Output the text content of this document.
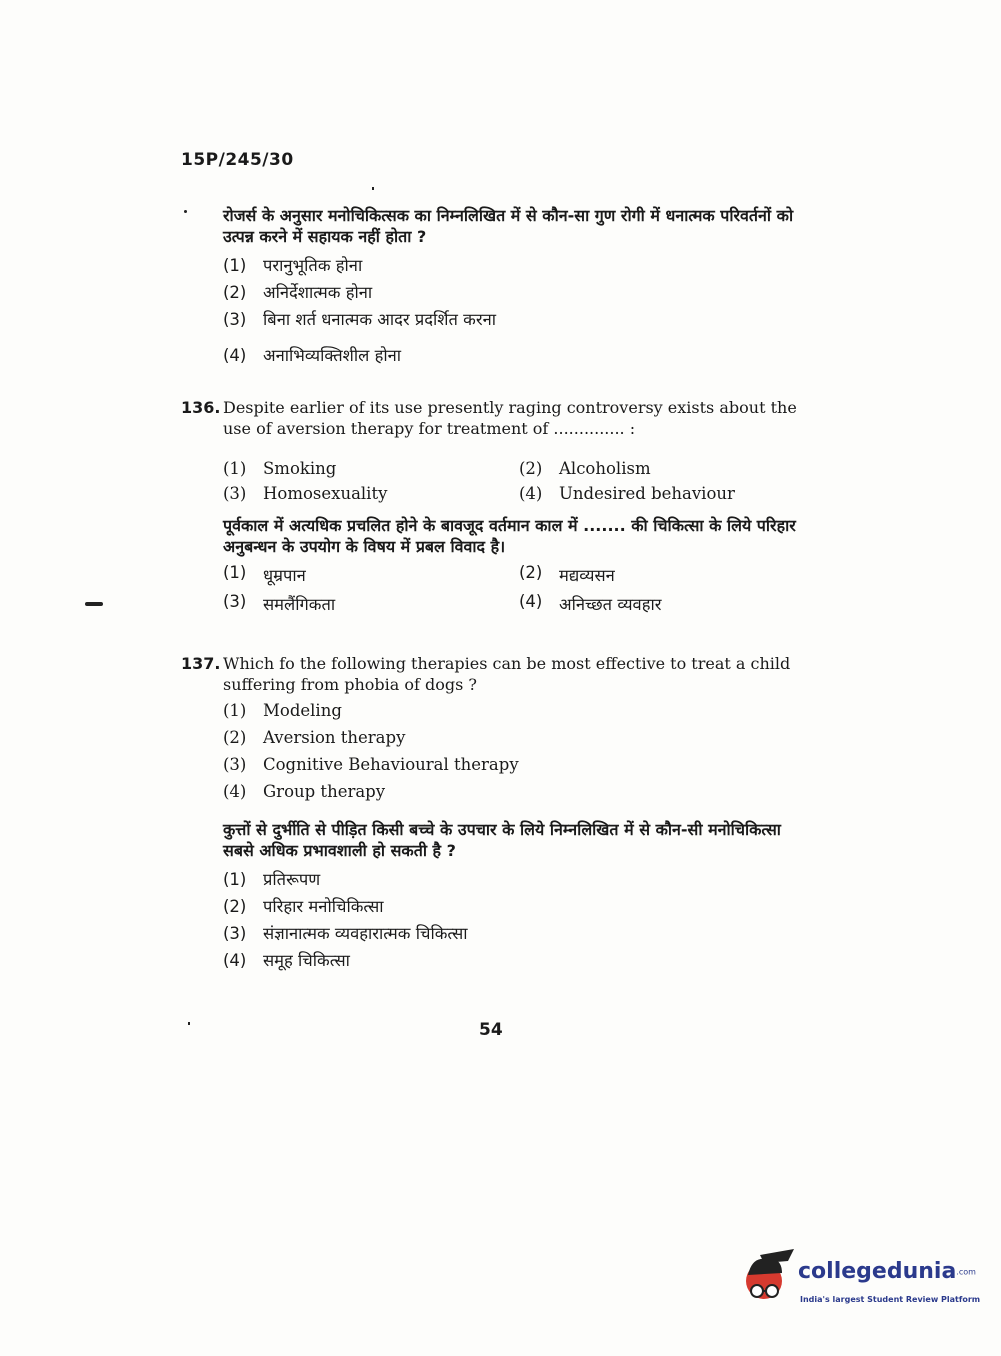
15P/245/30
रोजर्स के अनुसार मनोचिकित्सक का निम्नलिखित में से कौन-सा गुण रोगी में धनात्मक परिवर्तनों को उत्पन्न करने में सहायक नहीं होता ?
(1)	परानुभूतिक होना
(2)	अनिर्देशात्मक होना
(3)	बिना शर्त धनात्मक आदर प्रदर्शित करना
(4)	अनाभिव्यक्तिशील होना
136. Despite earlier of its use presently raging controversy exists about the use of aversion therapy for treatment of .............. :
(1)	Smoking	(2)	Alcoholism
(3)	Homosexuality	(4)	Undesired behaviour
पूर्वकाल में अत्यधिक प्रचलित होने के बावजूद वर्तमान काल में ....... की चिकित्सा के लिये परिहार अनुबन्धन के उपयोग के विषय में प्रबल विवाद है।
(1)	धूम्रपान	(2)	मद्यव्यसन
(3)	समलैंगिकता	(4)	अनिच्छत व्यवहार
137. Which fo the following therapies can be most effective to treat a child suffering from phobia of dogs ?
(1)	Modeling
(2)	Aversion therapy
(3)	Cognitive Behavioural therapy
(4)	Group therapy
कुत्तों से दुर्भीति से पीड़ित किसी बच्चे के उपचार के लिये निम्नलिखित में से कौन-सी मनोचिकित्सा सबसे अधिक प्रभावशाली हो सकती है ?
(1)	प्रतिरूपण
(2)	परिहार मनोचिकित्सा
(3)	संज्ञानात्मक व्यवहारात्मक चिकित्सा
(4)	समूह चिकित्सा
54
collegedunia.com
India's largest Student Review Platform
